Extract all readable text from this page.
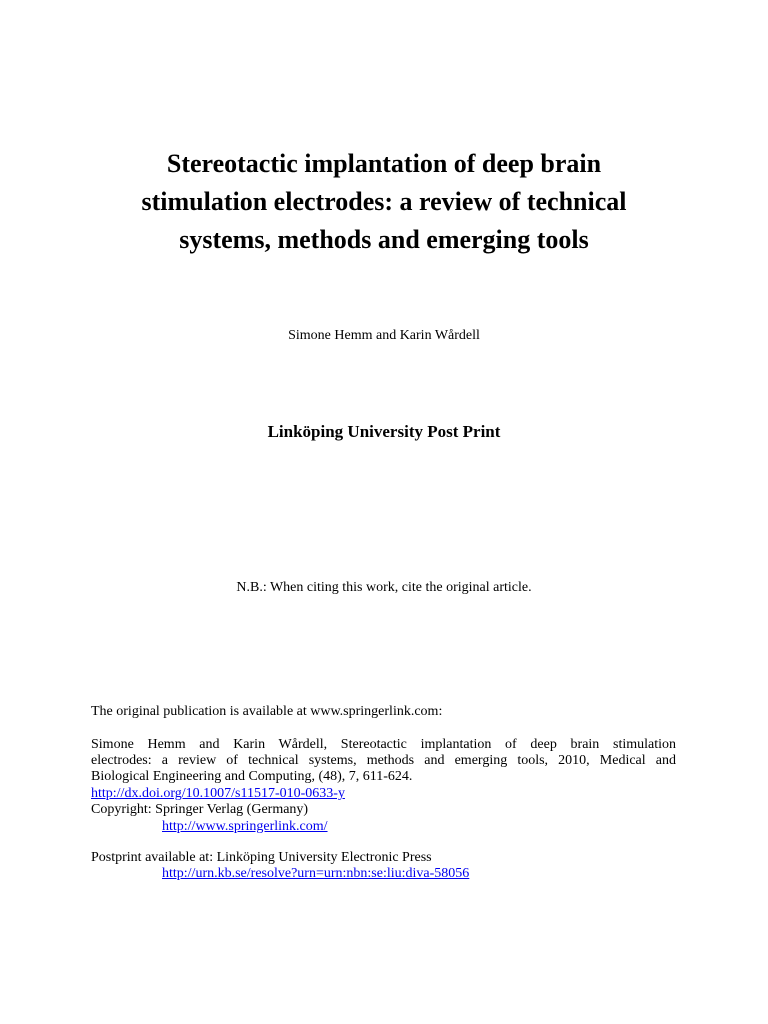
Stereotactic implantation of deep brain
stimulation electrodes: a review of technical
systems, methods and emerging tools
Simone Hemm and Karin Wårdell
Linköping University Post Print
N.B.: When citing this work, cite the original article.
The original publication is available at www.springerlink.com:
Simone Hemm and Karin Wårdell, Stereotactic implantation of deep brain stimulation
electrodes: a review of technical systems, methods and emerging tools, 2010, Medical and
Biological Engineering and Computing, (48), 7, 611-624.
http://dx.doi.org/10.1007/s11517-010-0633-y
Copyright: Springer Verlag (Germany)
http://www.springerlink.com/
Postprint available at: Linköping University Electronic Press
http://urn.kb.se/resolve?urn=urn:nbn:se:liu:diva-58056
